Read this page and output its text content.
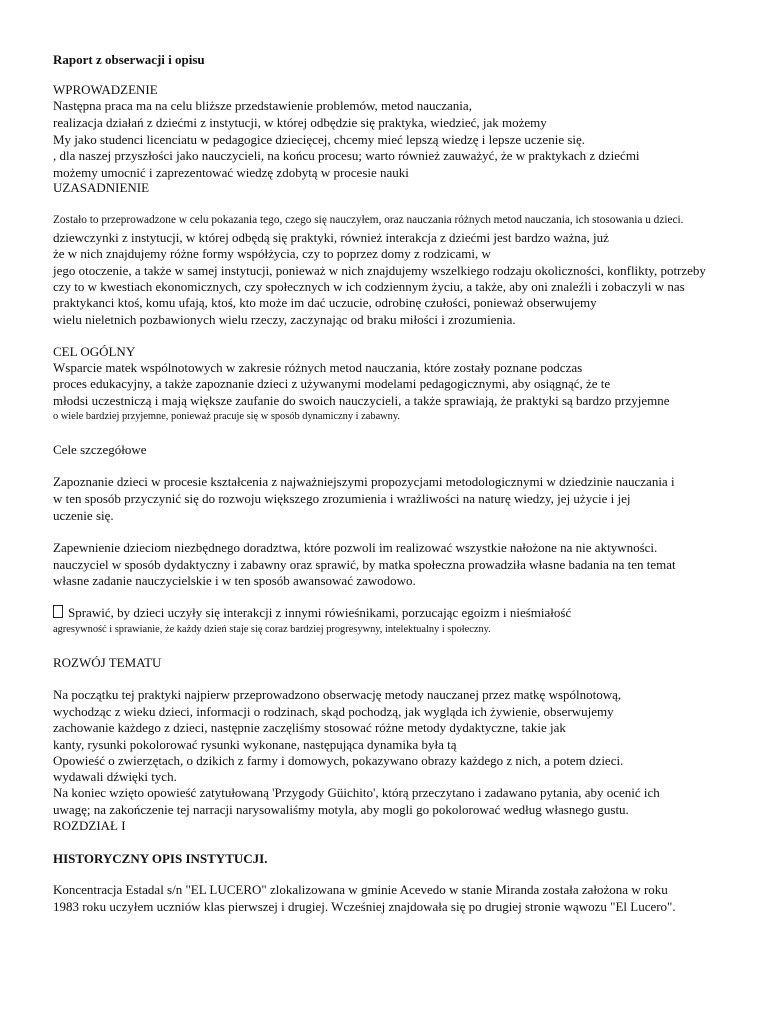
Raport z obserwacji i opisu
WPROWADZENIE
Następna praca ma na celu bliższe przedstawienie problemów, metod nauczania,
realizacja działań z dziećmi z instytucji, w której odbędzie się praktyka, wiedzieć, jak możemy
My jako studenci licenciatu w pedagogice dziecięcej, chcemy mieć lepszą wiedzę i lepsze uczenie się.
, dla naszej przyszłości jako nauczycieli, na końcu procesu; warto również zauważyć, że w praktykach z dziećmi
możemy umocnić i zaprezentować wiedzę zdobytą w procesie nauki
UZASADNIENIE
Zostało to przeprowadzone w celu pokazania tego, czego się nauczyłem, oraz nauczania różnych metod nauczania, ich stosowania u dzieci.
dziewczynki z instytucji, w której odbędą się praktyki, również interakcja z dziećmi jest bardzo ważna, już
że w nich znajdujemy różne formy współżycia, czy to poprzez domy z rodzicami, w
jego otoczenie, a także w samej instytucji, ponieważ w nich znajdujemy wszelkiego rodzaju okoliczności, konflikty, potrzeby
czy to w kwestiach ekonomicznych, czy społecznych w ich codziennym życiu, a także, aby oni znaleźli i zobaczyli w nas
praktykanci ktoś, komu ufają, ktoś, kto może im dać uczucie, odrobinę czułości, ponieważ obserwujemy
wielu nieletnich pozbawionych wielu rzeczy, zaczynając od braku miłości i zrozumienia.
CEL OGÓLNY
Wsparcie matek wspólnotowych w zakresie różnych metod nauczania, które zostały poznane podczas
proces edukacyjny, a także zapoznanie dzieci z używanymi modelami pedagogicznymi, aby osiągnąć, że te
młodsi uczestniczą i mają większe zaufanie do swoich nauczycieli, a także sprawiają, że praktyki są bardzo przyjemne
o wiele bardziej przyjemne, ponieważ pracuje się w sposób dynamiczny i zabawny.
Cele szczegółowe
Zapoznanie dzieci w procesie kształcenia z najważniejszymi propozycjami metodologicznymi w dziedzinie nauczania i
w ten sposób przyczynić się do rozwoju większego zrozumienia i wrażliwości na naturę wiedzy, jej użycie i jej
uczenie się.
Zapewnienie dzieciom niezbędnego doradztwa, które pozwoli im realizować wszystkie nałożone na nie aktywności.
nauczyciel w sposób dydaktyczny i zabawny oraz sprawić, by matka społeczna prowadziła własne badania na ten temat
własne zadanie nauczycielskie i w ten sposób awansować zawodowo.
Sprawić, by dzieci uczyły się interakcji z innymi rówieśnikami, porzucając egoizm i nieśmiałość
agresywność i sprawianie, że każdy dzień staje się coraz bardziej progresywny, intelektualny i społeczny.
ROZWÓJ TEMATU
Na początku tej praktyki najpierw przeprowadzono obserwację metody nauczanej przez matkę wspólnotową,
wychodząc z wieku dzieci, informacji o rodzinach, skąd pochodzą, jak wygląda ich żywienie, obserwujemy
zachowanie każdego z dzieci, następnie zaczęliśmy stosować różne metody dydaktyczne, takie jak
kanty, rysunki pokolorować rysunki wykonane, następująca dynamika była tą
Opowieść o zwierzętach, o dzikich z farmy i domowych, pokazywano obrazy każdego z nich, a potem dzieci.
wydawali dźwięki tych.
Na koniec wzięto opowieść zatytułowaną 'Przygody Güichito', którą przeczytano i zadawano pytania, aby ocenić ich
uwagę; na zakończenie tej narracji narysowaliśmy motyla, aby mogli go pokolorować według własnego gustu.
ROZDZIAŁ I
HISTORYCZNY OPIS INSTYTUCJI.
Koncentracja Estadal s/n "EL LUCERO" zlokalizowana w gminie Acevedo w stanie Miranda została założona w roku
1983 roku uczyłem uczniów klas pierwszej i drugiej. Wcześniej znajdowała się po drugiej stronie wąwozu "El Lucero".
